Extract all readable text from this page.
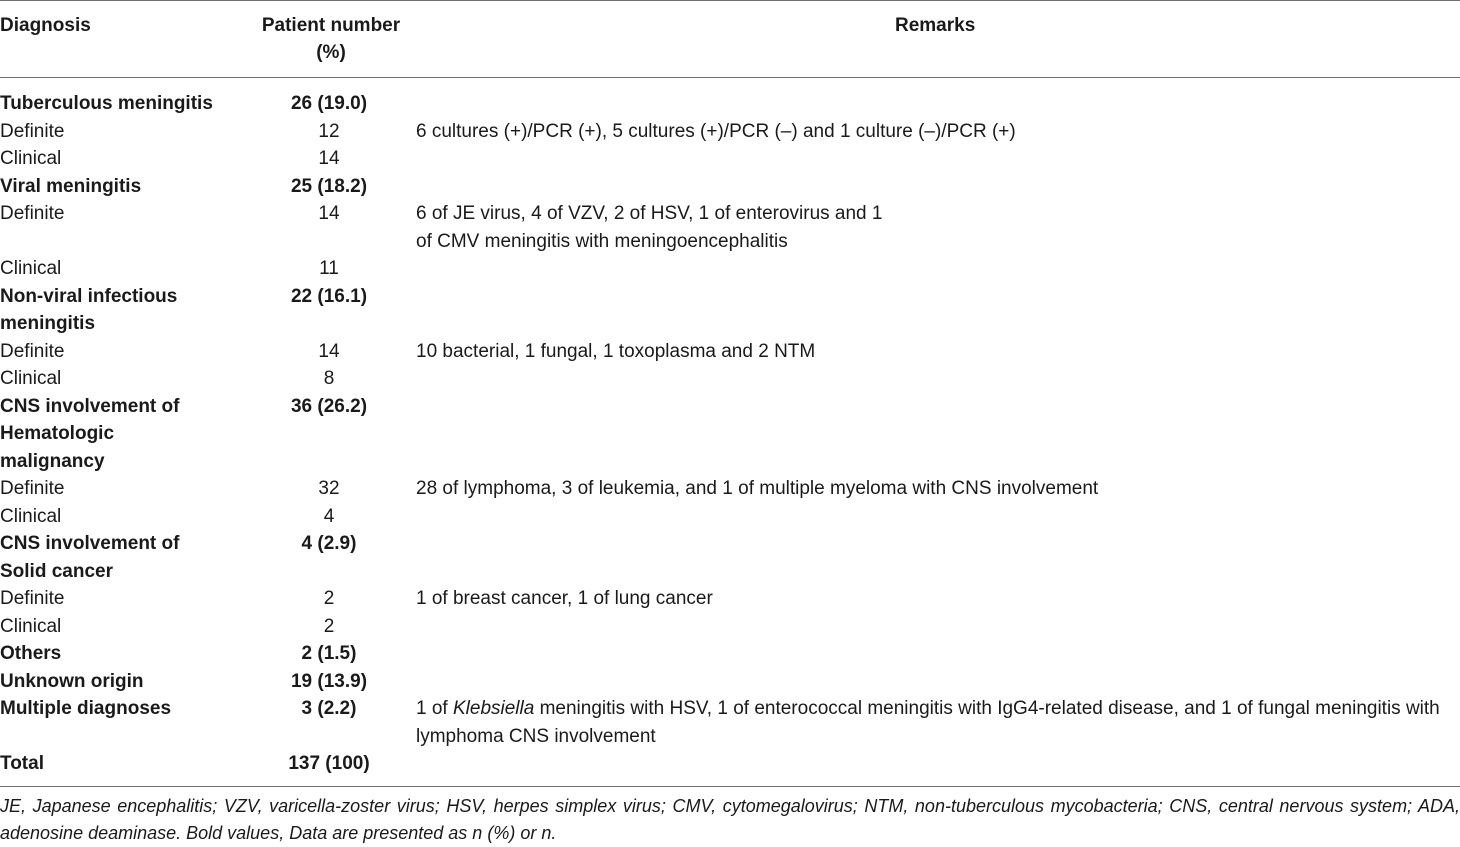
Diagnosis	Patient number (%)	Remarks
Tuberculous meningitis	26 (19.0)	
Definite	12	6 cultures (+)/PCR (+), 5 cultures (+)/PCR (–) and 1 culture (–)/PCR (+)
Clinical	14	
Viral meningitis	25 (18.2)	
Definite	14	6 of JE virus, 4 of VZV, 2 of HSV, 1 of enterovirus and 1 of CMV meningitis with meningoencephalitis

Clinical	11	
Non-viral infectious meningitis	22 (16.1)	
Definite	14	10 bacterial, 1 fungal, 1 toxoplasma and 2 NTM
Clinical	8	
CNS involvement of Hematologic malignancy	36 (26.2)	
Definite	32	28 of lymphoma, 3 of leukemia, and 1 of multiple myeloma with CNS involvement
Clinical	4	
CNS involvement of Solid cancer	4 (2.9)	
Definite	2	1 of breast cancer, 1 of lung cancer
Clinical	2	
Others	2 (1.5)	
Unknown origin	19 (13.9)	
Multiple diagnoses	3 (2.2)	1 of Klebsiella meningitis with HSV, 1 of enterococcal meningitis with IgG4-related disease, and 1 of fungal meningitis with lymphoma CNS involvement
Total	137 (100)	
JE, Japanese encephalitis; VZV, varicella-zoster virus; HSV, herpes simplex virus; CMV, cytomegalovirus; NTM, non-tuberculous mycobacteria; CNS, central nervous system; ADA, adenosine deaminase. Bold values, Data are presented as n (%) or n.
